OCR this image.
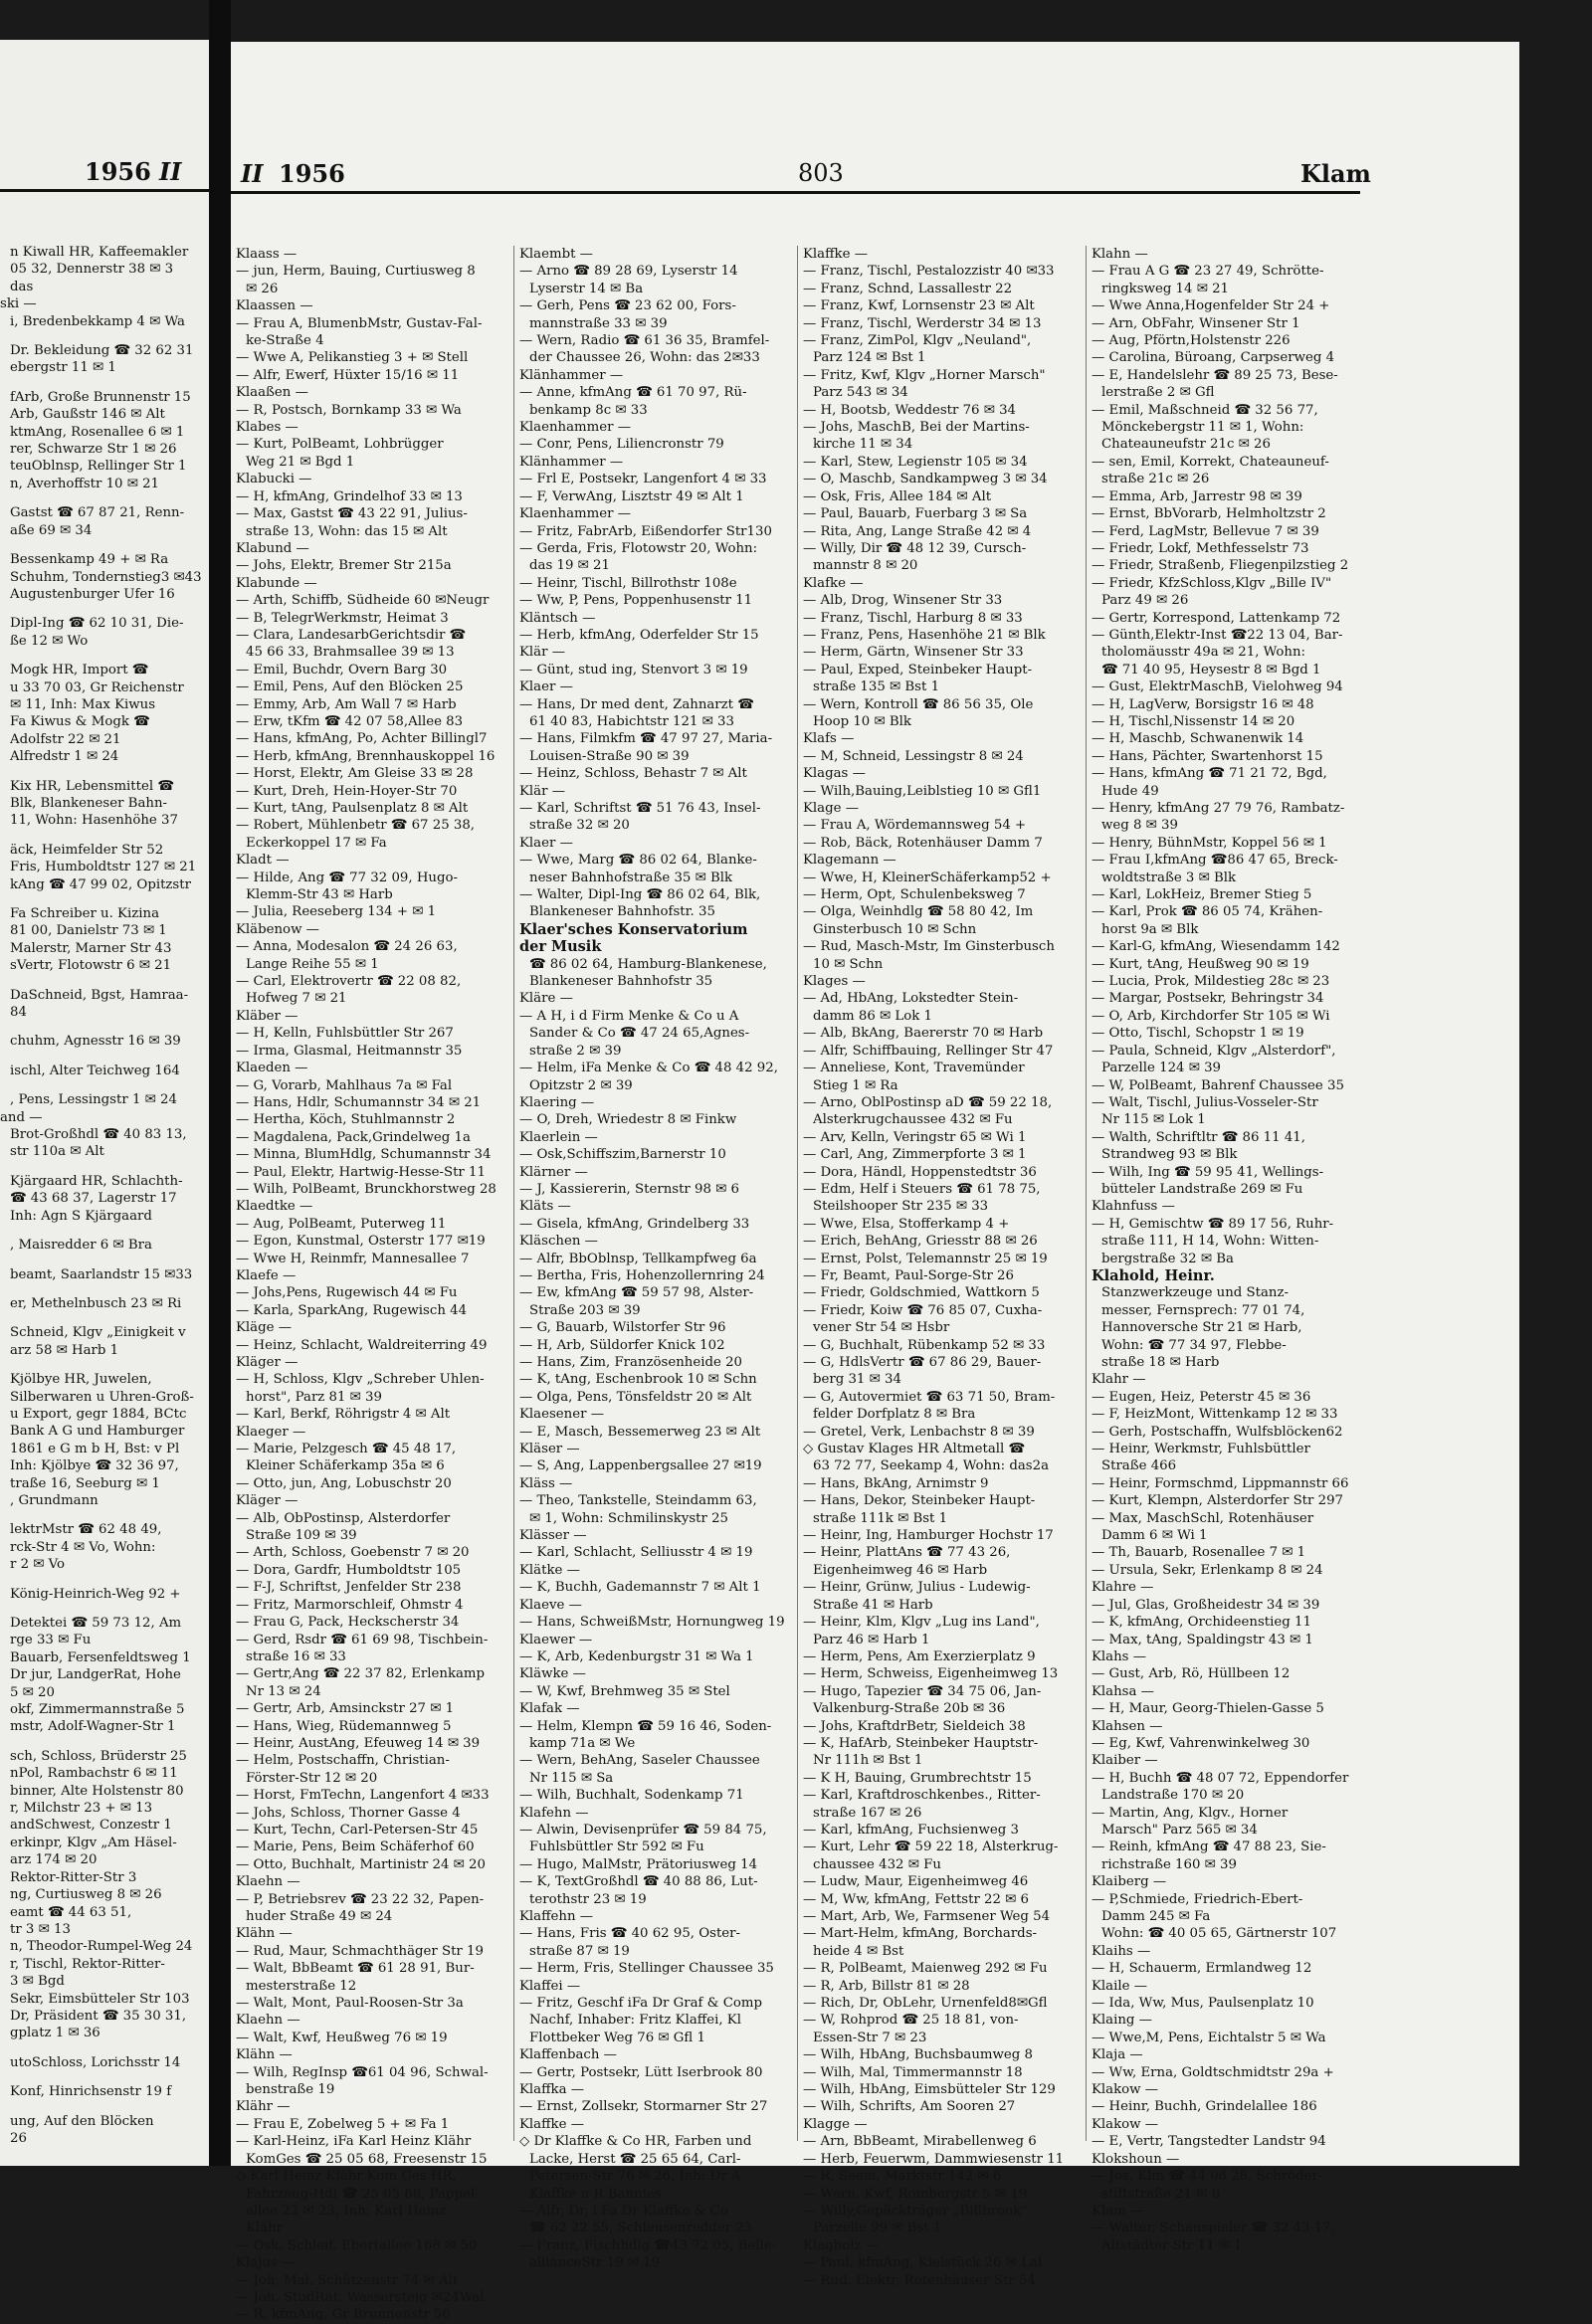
1956 II
n Kiwall HR, Kaffeemakler
05 32, Dennerstr 38 ✉ 3
das
ski —
i, Bredenbekkamp 4 ✉ Wa
Dr. Bekleidung ☎ 32 62 31
ebergstr 11 ✉ 1
fArb, Große Brunnenstr 15
Arb, Gaußstr 146 ✉ Alt
ktmAng, Rosenallee 6 ✉ 1
rer, Schwarze Str 1 ✉ 26
teuOblnsp, Rellinger Str 1
n, Averhoffstr 10 ✉ 21
Gastst ☎ 67 87 21, Renn-
aße 69 ✉ 34
Bessenkamp 49 + ✉ Ra
Schuhm, Tondernstieg3 ✉43
Augustenburger Ufer 16
Dipl-Ing ☎ 62 10 31, Die-
ße 12 ✉ Wo
Mogk HR, Import ☎
u 33 70 03, Gr Reichenstr
✉ 11, Inh: Max Kiwus
Fa Kiwus & Mogk ☎
Adolfstr 22 ✉ 21
Alfredstr 1 ✉ 24
Kix HR, Lebensmittel ☎
Blk, Blankeneser Bahn-
11, Wohn: Hasenhöhe 37
äck, Heimfelder Str 52
Fris, Humboldtstr 127 ✉ 21
kAng ☎ 47 99 02, Opitzstr
Fa Schreiber u. Kizina
81 00, Danielstr 73 ✉ 1
Malerstr, Marner Str 43
sVertr, Flotowstr 6 ✉ 21
DaSchneid, Bgst, Hamraa-
84
chuhm, Agnesstr 16 ✉ 39
ischl, Alter Teichweg 164
, Pens, Lessingstr 1 ✉ 24
and —
Brot-Großhdl ☎ 40 83 13,
str 110a ✉ Alt
Kjärgaard HR, Schlachth-
☎ 43 68 37, Lagerstr 17
Inh: Agn S Kjärgaard
, Maisredder 6 ✉ Bra
beamt, Saarlandstr 15 ✉33
er, Methelnbusch 23 ✉ Ri
Schneid, Klgv „Einigkeit v
arz 58 ✉ Harb 1
Kjölbye HR, Juwelen,
Silberwaren u Uhren-Groß-
u Export, gegr 1884, BCtc
Bank A G und Hamburger
1861 e G m b H, Bst: v Pl
Inh: Kjölbye ☎ 32 36 97,
traße 16, Seeburg ✉ 1
, Grundmann
lektrMstr ☎ 62 48 49,
rck-Str 4 ✉ Vo, Wohn:
r 2 ✉ Vo
König-Heinrich-Weg 92 +
Detektei ☎ 59 73 12, Am
rge 33 ✉ Fu
Bauarb, Fersenfeldtsweg 1
Dr jur, LandgerRat, Hohe
5 ✉ 20
okf, Zimmermannstraße 5
mstr, Adolf-Wagner-Str 1
sch, Schloss, Brüderstr 25
nPol, Rambachstr 6 ✉ 11
binner, Alte Holstenstr 80
r, Milchstr 23 + ✉ 13
andSchwest, Conzestr 1
erkinpr, Klgv „Am Häsel-
arz 174 ✉ 20
Rektor-Ritter-Str 3
ng, Curtiusweg 8 ✉ 26
eamt ☎ 44 63 51,
tr 3 ✉ 13
n, Theodor-Rumpel-Weg 24
r, Tischl, Rektor-Ritter-
3 ✉ Bgd
Sekr, Eimsbütteler Str 103
Dr, Präsident ☎ 35 30 31,
gplatz 1 ✉ 36
utoSchloss, Lorichsstr 14
Konf, Hinrichsenstr 19 f
ung, Auf den Blöcken
26
II 1956	803	Klam
Klaass —
— jun, Herm, Bauing, Curtiusweg 8
✉ 26
Klaassen —
— Frau A, BlumenbMstr, Gustav-Fal-
ke-Straße 4
— Wwe A, Pelikanstieg 3 + ✉ Stell
— Alfr, Ewerf, Hüxter 15/16 ✉ 11
Klaaßen —
— R, Postsch, Bornkamp 33 ✉ Wa
Klabes —
— Kurt, PolBeamt, Lohbrügger
Weg 21 ✉ Bgd 1
Klabucki —
— H, kfmAng, Grindelhof 33 ✉ 13
— Max, Gastst ☎ 43 22 91, Julius-
straße 13, Wohn: das 15 ✉ Alt
Klabund —
— Johs, Elektr, Bremer Str 215a
Klabunde —
— Arth, Schiffb, Südheide 60 ✉Neugr
— B, TelegrWerkmstr, Heimat 3
— Clara, LandesarbGerichtsdir ☎
45 66 33, Brahmsallee 39 ✉ 13
— Emil, Buchdr, Overn Barg 30
— Emil, Pens, Auf den Blöcken 25
— Emmy, Arb, Am Wall 7 ✉ Harb
— Erw, tKfm ☎ 42 07 58,Allee 83
— Hans, kfmAng, Po, Achter Billingl7
— Herb, kfmAng, Brennhauskoppel 16
— Horst, Elektr, Am Gleise 33 ✉ 28
— Kurt, Dreh, Hein-Hoyer-Str 70
— Kurt, tAng, Paulsenplatz 8 ✉ Alt
— Robert, Mühlenbetr ☎ 67 25 38,
Eckerkoppel 17 ✉ Fa
Kladt —
— Hilde, Ang ☎ 77 32 09, Hugo-
Klemm-Str 43 ✉ Harb
— Julia, Reeseberg 134 + ✉ 1
Kläbenow —
— Anna, Modesalon ☎ 24 26 63,
Lange Reihe 55 ✉ 1
— Carl, Elektrovertr ☎ 22 08 82,
Hofweg 7 ✉ 21
Kläber —
— H, Kelln, Fuhlsbüttler Str 267
— Irma, Glasmal, Heitmannstr 35
Klaeden —
— G, Vorarb, Mahlhaus 7a ✉ Fal
— Hans, Hdlr, Schumannstr 34 ✉ 21
— Hertha, Köch, Stuhlmannstr 2
— Magdalena, Pack,Grindelweg 1a
— Minna, BlumHdlg, Schumannstr 34
— Paul, Elektr, Hartwig-Hesse-Str 11
— Wilh, PolBeamt, Brunckhorstweg 28
Klaedtke —
— Aug, PolBeamt, Puterweg 11
— Egon, Kunstmal, Osterstr 177 ✉19
— Wwe H, Reinmfr, Mannesallee 7
Klaefe —
— Johs,Pens, Rugewisch 44 ✉ Fu
— Karla, SparkAng, Rugewisch 44
Kläge —
— Heinz, Schlacht, Waldreiterring 49
Kläger —
— H, Schloss, Klgv „Schreber Uhlen-
horst", Parz 81 ✉ 39
— Karl, Berkf, Röhrigstr 4 ✉ Alt
Klaeger —
— Marie, Pelzgesch ☎ 45 48 17,
Kleiner Schäferkamp 35a ✉ 6
— Otto, jun, Ang, Lobuschstr 20
Kläger —
— Alb, ObPostinsp, Alsterdorfer
Straße 109 ✉ 39
— Arth, Schloss, Goebenstr 7 ✉ 20
— Dora, Gardfr, Humboldtstr 105
— F-J, Schriftst, Jenfelder Str 238
— Fritz, Marmorschleif, Ohmstr 4
— Frau G, Pack, Heckscherstr 34
— Gerd, Rsdr ☎ 61 69 98, Tischbein-
straße 16 ✉ 33
— Gertr,Ang ☎ 22 37 82, Erlenkamp
Nr 13 ✉ 24
— Gertr, Arb, Amsinckstr 27 ✉ 1
— Hans, Wieg, Rüdemannweg 5
— Heinr, AustAng, Efeuweg 14 ✉ 39
— Helm, Postschaffn, Christian-
Förster-Str 12 ✉ 20
— Horst, FmTechn, Langenfort 4 ✉33
— Johs, Schloss, Thorner Gasse 4
— Kurt, Techn, Carl-Petersen-Str 45
— Marie, Pens, Beim Schäferhof 60
— Otto, Buchhalt, Martinistr 24 ✉ 20
Klaehn —
— P, Betriebsrev ☎ 23 22 32, Papen-
huder Straße 49 ✉ 24
Klähn —
— Rud, Maur, Schmachthäger Str 19
— Walt, BbBeamt ☎ 61 28 91, Bur-
mesterstraße 12
— Walt, Mont, Paul-Roosen-Str 3a
Klaehn —
— Walt, Kwf, Heußweg 76 ✉ 19
Klähn —
— Wilh, RegInsp ☎61 04 96, Schwal-
benstraße 19
Klähr —
— Frau E, Zobelweg 5 + ✉ Fa 1
— Karl-Heinz, iFa Karl Heinz Klähr
KomGes ☎ 25 05 68, Freesenstr 15
◇ Karl Heinz Klähr Kom Ges HR,
Fahrzeug-Hdl ☎ 25 05 68, Pappel-
allee 22 ✉ 23, Inh: Karl Heinz
Klähr
— Osk, Schleif, Ebertallee 168 ✉ 50
Klajus —
— Joh, Mal, Schützenstr 74 ✉ Alt
— Joh, StudRat, Wassersteig ✉24Wal
— R, kfmAng, Gr Brunnenstr 56
Klaembt —
— Arno ☎ 89 28 69, Lyserstr 14
Lyserstr 14 ✉ Ba
— Gerh, Pens ☎ 23 62 00, Fors-
mannstraße 33 ✉ 39
— Wern, Radio ☎ 61 36 35, Bramfel-
der Chaussee 26, Wohn: das 2✉33
Klänhammer —
— Anne, kfmAng ☎ 61 70 97, Rü-
benkamp 8c ✉ 33
Klaenhammer —
— Conr, Pens, Liliencronstr 79
Klänhammer —
— Frl E, Postsekr, Langenfort 4 ✉ 33
— F, VerwAng, Lisztstr 49 ✉ Alt 1
Klaenhammer —
— Fritz, FabrArb, Eißendorfer Str130
— Gerda, Fris, Flotowstr 20, Wohn:
das 19 ✉ 21
— Heinr, Tischl, Billrothstr 108e
— Ww, P, Pens, Poppenhusenstr 11
Kläntsch —
— Herb, kfmAng, Oderfelder Str 15
Klär —
— Günt, stud ing, Stenvort 3 ✉ 19
Klaer —
— Hans, Dr med dent, Zahnarzt ☎
61 40 83, Habichtstr 121 ✉ 33
— Hans, Filmkfm ☎ 47 97 27, Maria-
Louisen-Straße 90 ✉ 39
— Heinz, Schloss, Behastr 7 ✉ Alt
Klär —
— Karl, Schriftst ☎ 51 76 43, Insel-
straße 32 ✉ 20
Klaer —
— Wwe, Marg ☎ 86 02 64, Blanke-
neser Bahnhofstraße 35 ✉ Blk
— Walter, Dipl-Ing ☎ 86 02 64, Blk,
Blankeneser Bahnhofstr. 35
Klaer'sches Konservatorium
der Musik
☎ 86 02 64, Hamburg-Blankenese,
Blankeneser Bahnhofstr 35
Kläre —
— A H, i d Firm Menke & Co u A
Sander & Co ☎ 47 24 65,Agnes-
straße 2 ✉ 39
— Helm, iFa Menke & Co ☎ 48 42 92,
Opitzstr 2 ✉ 39
Klaering —
— O, Dreh, Wriedestr 8 ✉ Finkw
Klaerlein —
— Osk,Schiffszim,Barnerstr 10
Klärner —
— J, Kassiererin, Sternstr 98 ✉ 6
Kläts —
— Gisela, kfmAng, Grindelberg 33
Kläschen —
— Alfr, BbOblnsp, Tellkampfweg 6a
— Bertha, Fris, Hohenzollernring 24
— Ew, kfmAng ☎ 59 57 98, Alster-
Straße 203 ✉ 39
— G, Bauarb, Wilstorfer Str 96
— H, Arb, Süldorfer Knick 102
— Hans, Zim, Französenheide 20
— K, tAng, Eschenbrook 10 ✉ Schn
— Olga, Pens, Tönsfeldstr 20 ✉ Alt
Klaesener —
— E, Masch, Bessemerweg 23 ✉ Alt
Kläser —
— S, Ang, Lappenbergsallee 27 ✉19
Kläss —
— Theo, Tankstelle, Steindamm 63,
✉ 1, Wohn: Schmilinskystr 25
Klässer —
— Karl, Schlacht, Selliusstr 4 ✉ 19
Klätke —
— K, Buchh, Gademannstr 7 ✉ Alt 1
Klaeve —
— Hans, SchweißMstr, Hornungweg 19
Klaewer —
— K, Arb, Kedenburgstr 31 ✉ Wa 1
Kläwke —
— W, Kwf, Brehmweg 35 ✉ Stel
Klafak —
— Helm, Klempn ☎ 59 16 46, Soden-
kamp 71a ✉ We
— Wern, BehAng, Saseler Chaussee
Nr 115 ✉ Sa
— Wilh, Buchhalt, Sodenkamp 71
Klafehn —
— Alwin, Devisenprüfer ☎ 59 84 75,
Fuhlsbüttler Str 592 ✉ Fu
— Hugo, MalMstr, Prätoriusweg 14
— K, TextGroßhdl ☎ 40 88 86, Lut-
terothstr 23 ✉ 19
Klaffehn —
— Hans, Fris ☎ 40 62 95, Oster-
straße 87 ✉ 19
— Herm, Fris, Stellinger Chaussee 35
Klaffei —
— Fritz, Geschf iFa Dr Graf & Comp
Nachf, Inhaber: Fritz Klaffei, Kl
Flottbeker Weg 76 ✉ Gfl 1
Klaffenbach —
— Gertr, Postsekr, Lütt Iserbrook 80
Klaffka —
— Ernst, Zollsekr, Stormarner Str 27
Klaffke —
◇ Dr Klaffke & Co HR, Farben und
Lacke, Herst ☎ 25 65 64, Carl-
Petersen-Str 76 ✉ 26, Inh: Dr A
Klaffke u R Bannies
— Alfr, Dr, i Fa Dr Klaffke & Co
☎ 62 22 55, Schleusenredder 23
— Franz, Fischhdlg ☎43 72 05, Belle-
allianceStr 19 ✉ 19
Klaffke —
— Franz, Tischl, Pestalozzistr 40 ✉33
— Franz, Schnd, Lassallestr 22
— Franz, Kwf, Lornsenstr 23 ✉ Alt
— Franz, Tischl, Werderstr 34 ✉ 13
— Franz, ZimPol, Klgv „Neuland",
Parz 124 ✉ Bst 1
— Fritz, Kwf, Klgv „Horner Marsch"
Parz 543 ✉ 34
— H, Bootsb, Weddestr 76 ✉ 34
— Johs, MaschB, Bei der Martins-
kirche 11 ✉ 34
— Karl, Stew, Legienstr 105 ✉ 34
— O, Maschb, Sandkampweg 3 ✉ 34
— Osk, Fris, Allee 184 ✉ Alt
— Paul, Bauarb, Fuerbarg 3 ✉ Sa
— Rita, Ang, Lange Straße 42 ✉ 4
— Willy, Dir ☎ 48 12 39, Cursch-
mannstr 8 ✉ 20
Klafke —
— Alb, Drog, Winsener Str 33
— Franz, Tischl, Harburg 8 ✉ 33
— Franz, Pens, Hasenhöhe 21 ✉ Blk
— Herm, Gärtn, Winsener Str 33
— Paul, Exped, Steinbeker Haupt-
straße 135 ✉ Bst 1
— Wern, Kontroll ☎ 86 56 35, Ole
Hoop 10 ✉ Blk
Klafs —
— M, Schneid, Lessingstr 8 ✉ 24
Klagas —
— Wilh,Bauing,Leiblstieg 10 ✉ Gfl1
Klage —
— Frau A, Wördemannsweg 54 +
— Rob, Bäck, Rotenhäuser Damm 7
Klagemann —
— Wwe, H, KleinerSchäferkamp52 +
— Herm, Opt, Schulenbeksweg 7
— Olga, Weinhdlg ☎ 58 80 42, Im
Ginsterbusch 10 ✉ Schn
— Rud, Masch-Mstr, Im Ginsterbusch
10 ✉ Schn
Klages —
— Ad, HbAng, Lokstedter Stein-
damm 86 ✉ Lok 1
— Alb, BkAng, Baererstr 70 ✉ Harb
— Alfr, Schiffbauing, Rellinger Str 47
— Anneliese, Kont, Travemünder
Stieg 1 ✉ Ra
— Arno, OblPostinsp aD ☎ 59 22 18,
Alsterkrugchaussee 432 ✉ Fu
— Arv, Kelln, Veringstr 65 ✉ Wi 1
— Carl, Ang, Zimmerpforte 3 ✉ 1
— Dora, Händl, Hoppenstedtstr 36
— Edm, Helf i Steuers ☎ 61 78 75,
Steilshooper Str 235 ✉ 33
— Wwe, Elsa, Stofferkamp 4 +
— Erich, BehAng, Griesstr 88 ✉ 26
— Ernst, Polst, Telemannstr 25 ✉ 19
— Fr, Beamt, Paul-Sorge-Str 26
— Friedr, Goldschmied, Wattkorn 5
— Friedr, Koiw ☎ 76 85 07, Cuxha-
vener Str 54 ✉ Hsbr
— G, Buchhalt, Rübenkamp 52 ✉ 33
— G, HdlsVertr ☎ 67 86 29, Bauer-
berg 31 ✉ 34
— G, Autovermiet ☎ 63 71 50, Bram-
felder Dorfplatz 8 ✉ Bra
— Gretel, Verk, Lenbachstr 8 ✉ 39
◇ Gustav Klages HR Altmetall ☎
63 72 77, Seekamp 4, Wohn: das2a
— Hans, BkAng, Arnimstr 9
— Hans, Dekor, Steinbeker Haupt-
straße 111k ✉ Bst 1
— Heinr, Ing, Hamburger Hochstr 17
— Heinr, PlattAns ☎ 77 43 26,
Eigenheimweg 46 ✉ Harb
— Heinr, Grünw, Julius - Ludewig-
Straße 41 ✉ Harb
— Heinr, Klm, Klgv „Lug ins Land",
Parz 46 ✉ Harb 1
— Herm, Pens, Am Exerzierplatz 9
— Herm, Schweiss, Eigenheimweg 13
— Hugo, Tapezier ☎ 34 75 06, Jan-
Valkenburg-Straße 20b ✉ 36
— Johs, KraftdrBetr, Sieldeich 38
— K, HafArb, Steinbeker Hauptstr-
Nr 111h ✉ Bst 1
— K H, Bauing, Grumbrechtstr 15
— Karl, Kraftdroschkenbes., Ritter-
straße 167 ✉ 26
— Karl, kfmAng, Fuchsienweg 3
— Kurt, Lehr ☎ 59 22 18, Alsterkrug-
chaussee 432 ✉ Fu
— Ludw, Maur, Eigenheimweg 46
— M, Ww, kfmAng, Fettstr 22 ✉ 6
— Mart, Arb, We, Farmsener Weg 54
— Mart-Helm, kfmAng, Borchards-
heide 4 ✉ Bst
— R, PolBeamt, Maienweg 292 ✉ Fu
— R, Arb, Billstr 81 ✉ 28
— Rich, Dr, ObLehr, Urnenfeld8✉Gfl
— W, Rohprod ☎ 25 18 81, von-
Essen-Str 7 ✉ 23
— Wilh, HbAng, Buchsbaumweg 8
— Wilh, Mal, Timmermannstr 18
— Wilh, HbAng, Eimsbütteler Str 129
— Wilh, Schrifts, Am Sooren 27
Klagge —
— Arn, BbBeamt, Mirabellenweg 6
— Herb, Feuerwm, Dammwiesenstr 11
— R, Seem, Marktstr 142 ✉ 6
— Wern, Kwf, Rombergstr 5 ✉ 19
— Willy,Gepäckträger „Billbrook"
Parzelle 99 ✉ Bst 1
Klagholz —
— Paul, kfmAng, Kielstück 26 ✉ Lal
— Rud, Elektr, Rotenhäuser Str 54
Klahn —
— Frau A G ☎ 23 27 49, Schrötte-
ringksweg 14 ✉ 21
— Wwe Anna,Hogenfelder Str 24 +
— Arn, ObFahr, Winsener Str 1
— Aug, Pförtn,Holstenstr 226
— Carolina, Büroang, Carpserweg 4
— E, Handelslehr ☎ 89 25 73, Bese-
lerstraße 2 ✉ Gfl
— Emil, Maßschneid ☎ 32 56 77,
Mönckebergstr 11 ✉ 1, Wohn:
Chateauneufstr 21c ✉ 26
— sen, Emil, Korrekt, Chateauneuf-
straße 21c ✉ 26
— Emma, Arb, Jarrestr 98 ✉ 39
— Ernst, BbVorarb, Helmholtzstr 2
— Ferd, LagMstr, Bellevue 7 ✉ 39
— Friedr, Lokf, Methfesselstr 73
— Friedr, Straßenb, Fliegenpilzstieg 2
— Friedr, KfzSchloss,Klgv „Bille IV"
Parz 49 ✉ 26
— Gertr, Korrespond, Lattenkamp 72
— Günth,Elektr-Inst ☎22 13 04, Bar-
tholomäusstr 49a ✉ 21, Wohn:
☎ 71 40 95, Heysestr 8 ✉ Bgd 1
— Gust, ElektrMaschB, Vielohweg 94
— H, LagVerw, Borsigstr 16 ✉ 48
— H, Tischl,Nissenstr 14 ✉ 20
— H, Maschb, Schwanenwik 14
— Hans, Pächter, Swartenhorst 15
— Hans, kfmAng ☎ 71 21 72, Bgd,
Hude 49
— Henry, kfmAng 27 79 76, Rambatz-
weg 8 ✉ 39
— Henry, BühnMstr, Koppel 56 ✉ 1
— Frau I,kfmAng ☎86 47 65, Breck-
woldtstraße 3 ✉ Blk
— Karl, LokHeiz, Bremer Stieg 5
— Karl, Prok ☎ 86 05 74, Krähen-
horst 9a ✉ Blk
— Karl-G, kfmAng, Wiesendamm 142
— Kurt, tAng, Heußweg 90 ✉ 19
— Lucia, Prok, Mildestieg 28c ✉ 23
— Margar, Postsekr, Behringstr 34
— O, Arb, Kirchdorfer Str 105 ✉ Wi
— Otto, Tischl, Schopstr 1 ✉ 19
— Paula, Schneid, Klgv „Alsterdorf",
Parzelle 124 ✉ 39
— W, PolBeamt, Bahrenf Chaussee 35
— Walt, Tischl, Julius-Vosseler-Str
Nr 115 ✉ Lok 1
— Walth, Schriftltr ☎ 86 11 41,
Strandweg 93 ✉ Blk
— Wilh, Ing ☎ 59 95 41, Wellings-
bütteler Landstraße 269 ✉ Fu
Klahnfuss —
— H, Gemischtw ☎ 89 17 56, Ruhr-
straße 111, H 14, Wohn: Witten-
bergstraße 32 ✉ Ba
Klahold, Heinr.
Stanzwerkzeuge und Stanz-
messer, Fernsprech: 77 01 74,
Hannoversche Str 21 ✉ Harb,
Wohn: ☎ 77 34 97, Flebbe-
straße 18 ✉ Harb
Klahr —
— Eugen, Heiz, Peterstr 45 ✉ 36
— F, HeizMont, Wittenkamp 12 ✉ 33
— Gerh, Postschaffn, Wulfsblöcken62
— Heinr, Werkmstr, Fuhlsbüttler
Straße 466
— Heinr, Formschmd, Lippmannstr 66
— Kurt, Klempn, Alsterdorfer Str 297
— Max, MaschSchl, Rotenhäuser
Damm 6 ✉ Wi 1
— Th, Bauarb, Rosenallee 7 ✉ 1
— Ursula, Sekr, Erlenkamp 8 ✉ 24
Klahre —
— Jul, Glas, Großheidestr 34 ✉ 39
— K, kfmAng, Orchideenstieg 11
— Max, tAng, Spaldingstr 43 ✉ 1
Klahs —
— Gust, Arb, Rö, Hüllbeen 12
Klahsa —
— H, Maur, Georg-Thielen-Gasse 5
Klahsen —
— Eg, Kwf, Vahrenwinkelweg 30
Klaiber —
— H, Buchh ☎ 48 07 72, Eppendorfer
Landstraße 170 ✉ 20
— Martin, Ang, Klgv., Horner
Marsch" Parz 565 ✉ 34
— Reinh, kfmAng ☎ 47 88 23, Sie-
richstraße 160 ✉ 39
Klaiberg —
— P,Schmiede, Friedrich-Ebert-
Damm 245 ✉ Fa
Wohn: ☎ 40 05 65, Gärtnerstr 107
Klaihs —
— H, Schauerm, Ermlandweg 12
Klaile —
— Ida, Ww, Mus, Paulsenplatz 10
Klaing —
— Wwe,M, Pens, Eichtalstr 5 ✉ Wa
Klaja —
— Ww, Erna, Goldtschmidtstr 29a +
Klakow —
— Heinr, Buchh, Grindelallee 186
Klakow —
— E, Vertr, Tangstedter Landstr 94
Klokshoun —
— Jos, Klm ☎ 44 08 28, Schröder-
stiftstraße 21 ✉ 6
Klam —
— Walter, Schauspieler ☎ 32 43 17,
Altstädter Str 11 ✉ 1
